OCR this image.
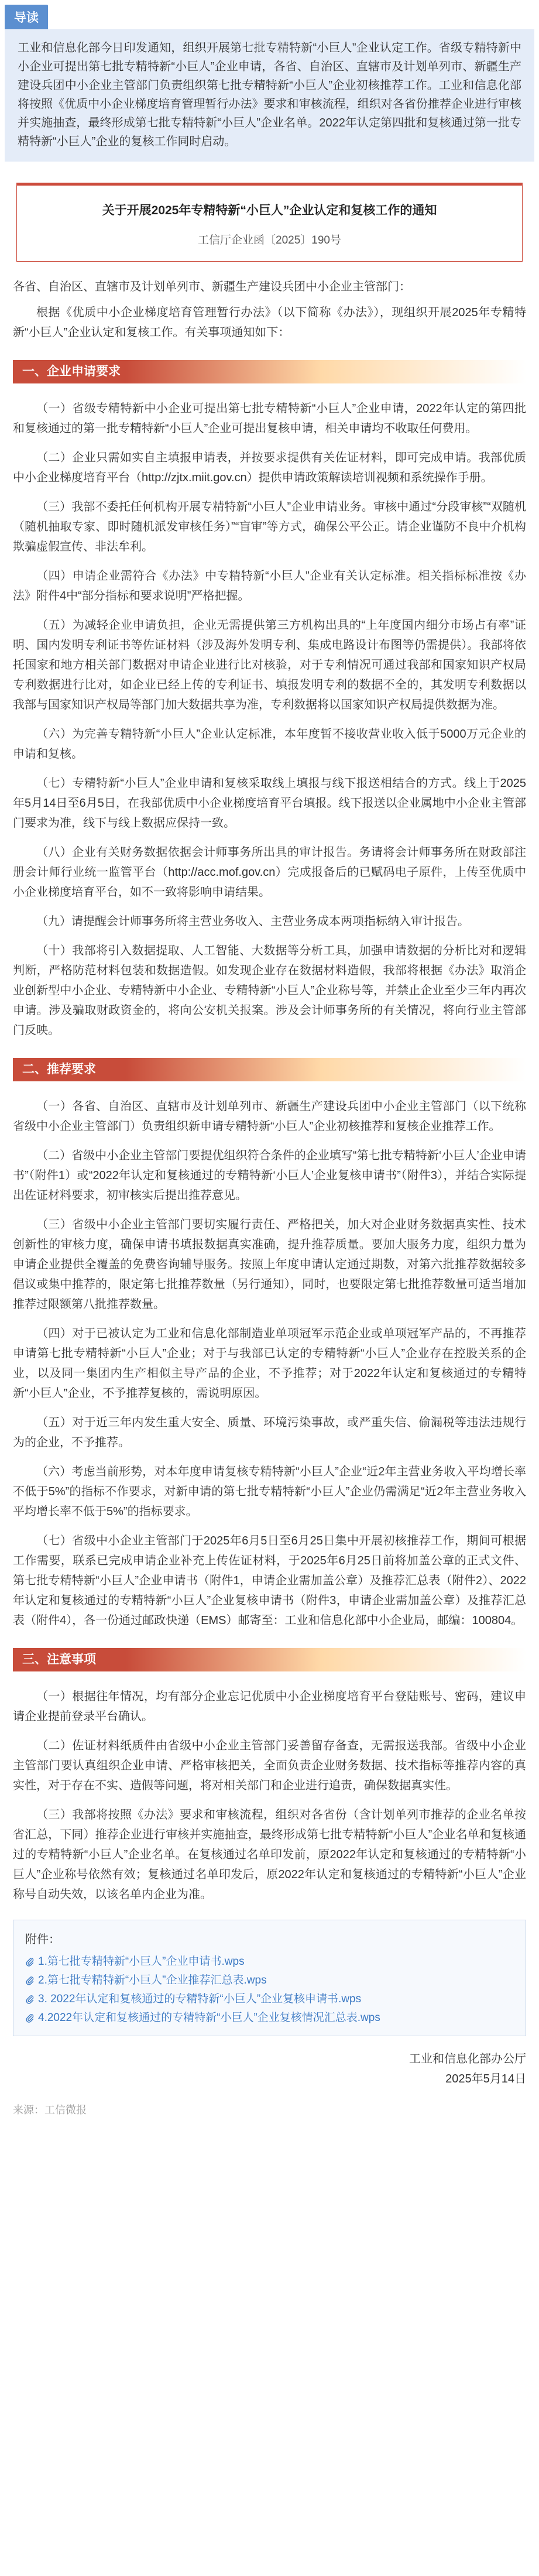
导读
工业和信息化部今日印发通知，组织开展第七批专精特新“小巨人”企业认定工作。省级专精特新中小企业可提出第七批专精特新“小巨人”企业申请，各省、自治区、直辖市及计划单列市、新疆生产建设兵团中小企业主管部门负责组织第七批专精特新“小巨人”企业初核推荐工作。工业和信息化部将按照《优质中小企业梯度培育管理暂行办法》要求和审核流程，组织对各省份推荐企业进行审核并实施抽查，最终形成第七批专精特新“小巨人”企业名单。2022年认定第四批和复核通过第一批专精特新“小巨人”企业的复核工作同时启动。
关于开展2025年专精特新“小巨人”企业认定和复核工作的通知
工信厅企业函〔2025〕190号
各省、自治区、直辖市及计划单列市、新疆生产建设兵团中小企业主管部门：
根据《优质中小企业梯度培育管理暂行办法》（以下简称《办法》），现组织开展2025年专精特新“小巨人”企业认定和复核工作。有关事项通知如下：
一、企业申请要求
（一）省级专精特新中小企业可提出第七批专精特新“小巨人”企业申请，2022年认定的第四批和复核通过的第一批专精特新“小巨人”企业可提出复核申请，相关申请均不收取任何费用。
（二）企业只需如实自主填报申请表，并按要求提供有关佐证材料，即可完成申请。我部优质中小企业梯度培育平台（http://zjtx.miit.gov.cn）提供申请政策解读培训视频和系统操作手册。
（三）我部不委托任何机构开展专精特新“小巨人”企业申请业务。审核中通过“分段审核”“双随机（随机抽取专家、即时随机派发审核任务）”“盲审”等方式，确保公平公正。请企业谨防不良中介机构欺骗虚假宣传、非法牟利。
（四）申请企业需符合《办法》中专精特新“小巨人”企业有关认定标准。相关指标标准按《办法》附件4中“部分指标和要求说明”严格把握。
（五）为减轻企业申请负担，企业无需提供第三方机构出具的“上年度国内细分市场占有率”证明、国内发明专利证书等佐证材料（涉及海外发明专利、集成电路设计布图等仍需提供）。我部将依托国家和地方相关部门数据对申请企业进行比对核验，对于专利情况可通过我部和国家知识产权局专利数据进行比对，如企业已经上传的专利证书、填报发明专利的数据不全的，其发明专利数据以我部与国家知识产权局等部门加大数据共享为准，专利数据将以国家知识产权局提供数据为准。
（六）为完善专精特新“小巨人”企业认定标准，本年度暂不接收营业收入低于5000万元企业的申请和复核。
（七）专精特新“小巨人”企业申请和复核采取线上填报与线下报送相结合的方式。线上于2025年5月14日至6月5日，在我部优质中小企业梯度培育平台填报。线下报送以企业属地中小企业主管部门要求为准，线下与线上数据应保持一致。
（八）企业有关财务数据依据会计师事务所出具的审计报告。务请将会计师事务所在财政部注册会计师行业统一监管平台（http://acc.mof.gov.cn）完成报备后的已赋码电子原件，上传至优质中小企业梯度培育平台，如不一致将影响申请结果。
（九）请提醒会计师事务所将主营业务收入、主营业务成本两项指标纳入审计报告。
（十）我部将引入数据提取、人工智能、大数据等分析工具，加强申请数据的分析比对和逻辑判断，严格防范材料包装和数据造假。如发现企业存在数据材料造假，我部将根据《办法》取消企业创新型中小企业、专精特新中小企业、专精特新“小巨人”企业称号等，并禁止企业至少三年内再次申请。涉及骗取财政资金的，将向公安机关报案。涉及会计师事务所的有关情况，将向行业主管部门反映。
二、推荐要求
（一）各省、自治区、直辖市及计划单列市、新疆生产建设兵团中小企业主管部门（以下统称省级中小企业主管部门）负责组织新申请专精特新“小巨人”企业初核推荐和复核企业推荐工作。
（二）省级中小企业主管部门要提优组织符合条件的企业填写“第七批专精特新‘小巨人’企业申请书”（附件1）或“2022年认定和复核通过的专精特新‘小巨人’企业复核申请书”（附件3），并结合实际提出佐证材料要求，初审核实后提出推荐意见。
（三）省级中小企业主管部门要切实履行责任、严格把关，加大对企业财务数据真实性、技术创新性的审核力度，确保申请书填报数据真实准确，提升推荐质量。要加大服务力度，组织力量为申请企业提供全覆盖的免费咨询辅导服务。按照上年度申请认定通过期数，对第六批推荐数据较多倡议或集中推荐的，限定第七批推荐数量（另行通知），同时，也要限定第七批推荐数量可适当增加推荐过限额第八批推荐数量。
（四）对于已被认定为工业和信息化部制造业单项冠军示范企业或单项冠军产品的，不再推荐申请第七批专精特新“小巨人”企业；对于与我部已认定的专精特新“小巨人”企业存在控股关系的企业，以及同一集团内生产相似主导产品的企业，不予推荐；对于2022年认定和复核通过的专精特新“小巨人”企业，不予推荐复核的，需说明原因。
（五）对于近三年内发生重大安全、质量、环境污染事故，或严重失信、偷漏税等违法违规行为的企业，不予推荐。
（六）考虑当前形势，对本年度申请复核专精特新“小巨人”企业“近2年主营业务收入平均增长率不低于5%”的指标不作要求，对新申请的第七批专精特新“小巨人”企业仍需满足“近2年主营业务收入平均增长率不低于5%”的指标要求。
（七）省级中小企业主管部门于2025年6月5日至6月25日集中开展初核推荐工作，期间可根据工作需要，联系已完成申请企业补充上传佐证材料，于2025年6月25日前将加盖公章的正式文件、第七批专精特新“小巨人”企业申请书（附件1，申请企业需加盖公章）及推荐汇总表（附件2）、2022年认定和复核通过的专精特新“小巨人”企业复核申请书（附件3，申请企业需加盖公章）及推荐汇总表（附件4），各一份通过邮政快递（EMS）邮寄至：工业和信息化部中小企业局，邮编：100804。
三、注意事项
（一）根据往年情况，均有部分企业忘记优质中小企业梯度培育平台登陆账号、密码，建议申请企业提前登录平台确认。
（二）佐证材料纸质件由省级中小企业主管部门妥善留存备查，无需报送我部。省级中小企业主管部门要认真组织企业申请、严格审核把关，全面负责企业财务数据、技术指标等推荐内容的真实性，对于存在不实、造假等问题，将对相关部门和企业进行追责，确保数据真实性。
（三）我部将按照《办法》要求和审核流程，组织对各省份（含计划单列市推荐的企业名单按省汇总，下同）推荐企业进行审核并实施抽查，最终形成第七批专精特新“小巨人”企业名单和复核通过的专精特新“小巨人”企业名单。在复核通过名单印发前，原2022年认定和复核通过的专精特新“小巨人”企业称号依然有效；复核通过名单印发后，原2022年认定和复核通过的专精特新“小巨人”企业称号自动失效，以该名单内企业为准。
附件：
1.第七批专精特新“小巨人”企业申请书.wps
2.第七批专精特新“小巨人”企业推荐汇总表.wps
3. 2022年认定和复核通过的专精特新“小巨人”企业复核申请书.wps
4.2022年认定和复核通过的专精特新“小巨人”企业复核情况汇总表.wps
工业和信息化部办公厅
2025年5月14日
来源：工信微报
